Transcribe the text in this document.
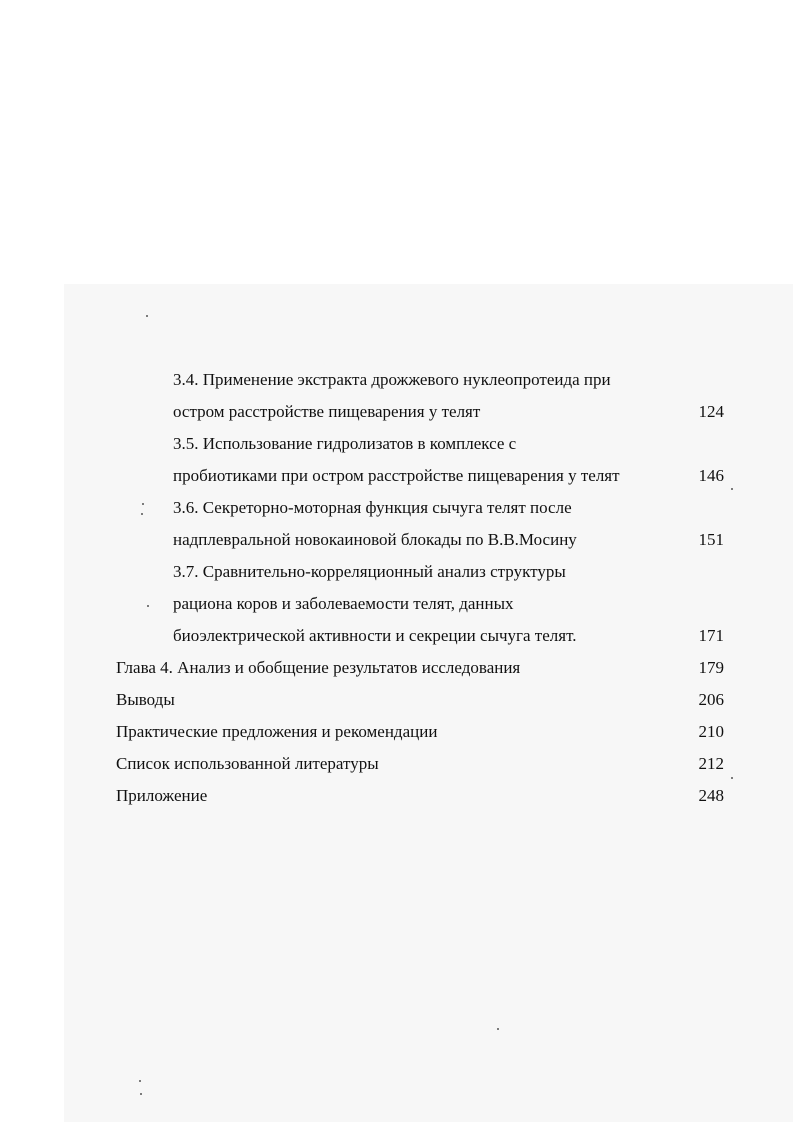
3.4. Применение экстракта дрожжевого нуклеопротеида при
остром расстройстве пищеварения у телят	124
3.5. Использование гидролизатов в комплексе с
пробиотиками при остром расстройстве пищеварения у телят	146
3.6. Секреторно-моторная функция сычуга телят после
надплевральной новокаиновой блокады по В.В.Мосину	151
3.7. Сравнительно-корреляционный анализ структуры
рациона коров и заболеваемости телят, данных
биоэлектрической активности и секреции сычуга телят.	171
Глава 4. Анализ и обобщение результатов исследования	179
Выводы	206
Практические предложения и рекомендации	210
Список использованной литературы	212
Приложение	248
